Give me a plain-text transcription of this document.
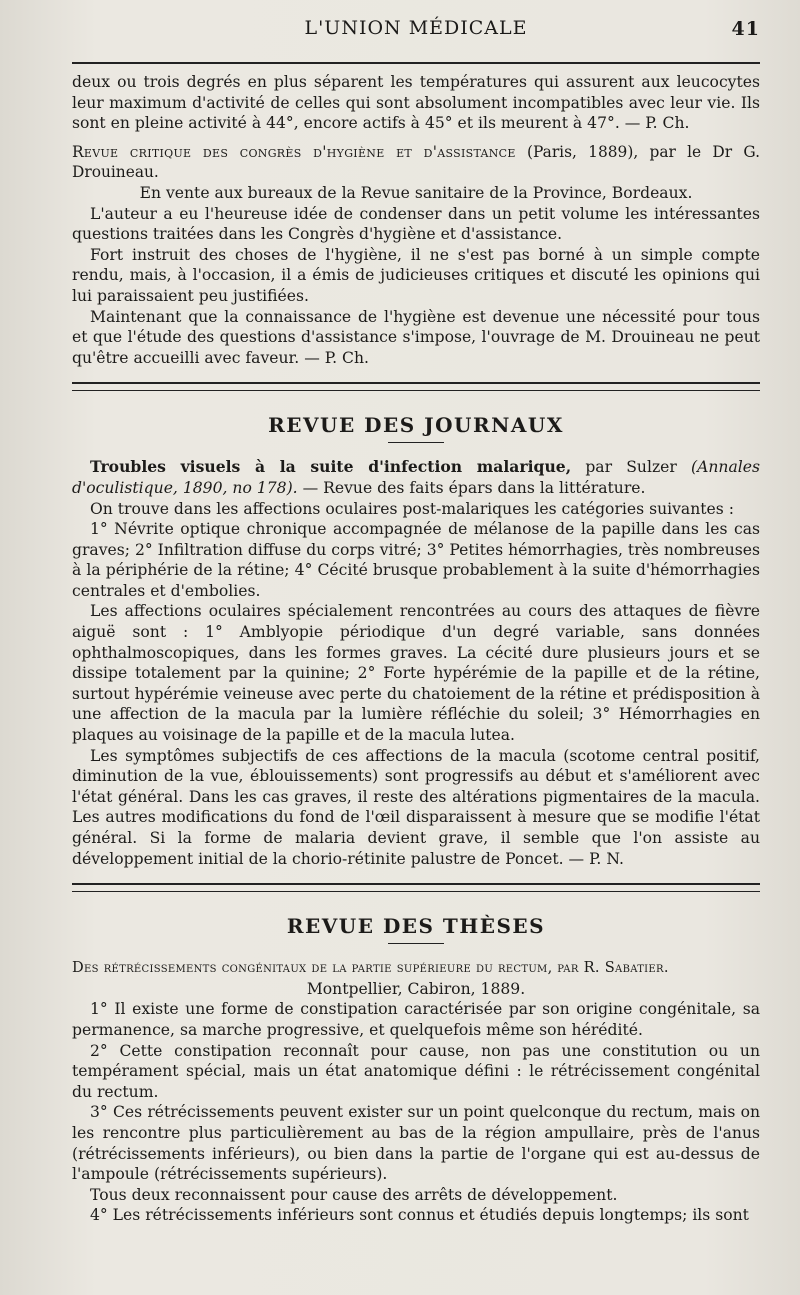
L'UNION MÉDICALE	41

deux ou trois degrés en plus séparent les températures qui assurent aux leucocytes leur maximum d'activité de celles qui sont absolument incompatibles avec leur vie. Ils sont en pleine activité à 44°, encore actifs à 45° et ils meurent à 47°. — P. Ch.

Revue critique des congrès d'hygiène et d'assistance (Paris, 1889), par le Dr G. Drouineau.

En vente aux bureaux de la Revue sanitaire de la Province, Bordeaux.

L'auteur a eu l'heureuse idée de condenser dans un petit volume les intéressantes questions traitées dans les Congrès d'hygiène et d'assistance.

Fort instruit des choses de l'hygiène, il ne s'est pas borné à un simple compte rendu, mais, à l'occasion, il a émis de judicieuses critiques et discuté les opinions qui lui paraissaient peu justifiées.

Maintenant que la connaissance de l'hygiène est devenue une nécessité pour tous et que l'étude des questions d'assistance s'impose, l'ouvrage de M. Drouineau ne peut qu'être accueilli avec faveur. — P. Ch.

REVUE DES JOURNAUX

Troubles visuels à la suite d'infection malarique, par Sulzer (Annales d'oculistique, 1890, no 178). — Revue des faits épars dans la littérature.

On trouve dans les affections oculaires post-malariques les catégories suivantes :

1° Névrite optique chronique accompagnée de mélanose de la papille dans les cas graves; 2° Infiltration diffuse du corps vitré; 3° Petites hémorrhagies, très nombreuses à la périphérie de la rétine; 4° Cécité brusque probablement à la suite d'hémorrhagies centrales et d'embolies.

Les affections oculaires spécialement rencontrées au cours des attaques de fièvre aiguë sont : 1° Amblyopie périodique d'un degré variable, sans données ophthalmoscopiques, dans les formes graves. La cécité dure plusieurs jours et se dissipe totalement par la quinine; 2° Forte hypérémie de la papille et de la rétine, surtout hypérémie veineuse avec perte du chatoiement de la rétine et prédisposition à une affection de la macula par la lumière réfléchie du soleil; 3° Hémorrhagies en plaques au voisinage de la papille et de la macula lutea.

Les symptômes subjectifs de ces affections de la macula (scotome central positif, diminution de la vue, éblouissements) sont progressifs au début et s'améliorent avec l'état général. Dans les cas graves, il reste des altérations pigmentaires de la macula. Les autres modifications du fond de l'œil disparaissent à mesure que se modifie l'état général. Si la forme de malaria devient grave, il semble que l'on assiste au développement initial de la chorio-rétinite palustre de Poncet. — P. N.

REVUE DES THÈSES

Des rétrécissements congénitaux de la partie supérieure du rectum, par R. Sabatier.

Montpellier, Cabiron, 1889.

1° Il existe une forme de constipation caractérisée par son origine congénitale, sa permanence, sa marche progressive, et quelquefois même son hérédité.

2° Cette constipation reconnaît pour cause, non pas une constitution ou un tempérament spécial, mais un état anatomique défini : le rétrécissement congénital du rectum.

3° Ces rétrécissements peuvent exister sur un point quelconque du rectum, mais on les rencontre plus particulièrement au bas de la région ampullaire, près de l'anus (rétrécissements inférieurs), ou bien dans la partie de l'organe qui est au-dessus de l'ampoule (rétrécissements supérieurs).

Tous deux reconnaissent pour cause des arrêts de développement.

4° Les rétrécissements inférieurs sont connus et étudiés depuis longtemps; ils sont
